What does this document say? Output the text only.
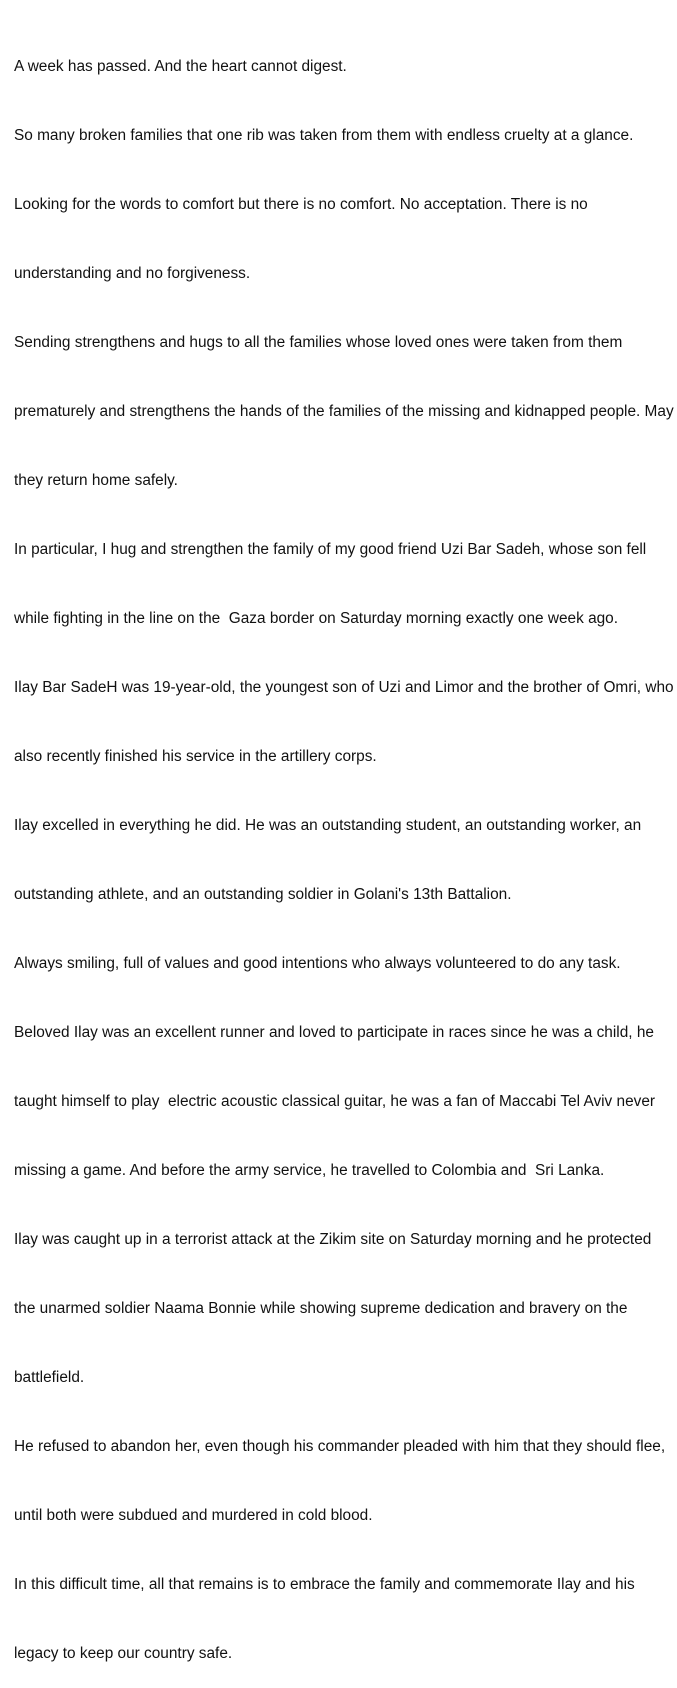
A week has passed. And the heart cannot digest.

So many broken families that one rib was taken from them with endless cruelty at a glance.

Looking for the words to comfort but there is no comfort. No acceptation. There is no

understanding and no forgiveness.

Sending strengthens and hugs to all the families whose loved ones were taken from them

prematurely and strengthens the hands of the families of the missing and kidnapped people. May

they return home safely.

In particular, I hug and strengthen the family of my good friend Uzi Bar Sadeh, whose son fell

while fighting in the line on the  Gaza border on Saturday morning exactly one week ago.

Ilay Bar SadeH was 19-year-old, the youngest son of Uzi and Limor and the brother of Omri, who

also recently finished his service in the artillery corps.

Ilay excelled in everything he did. He was an outstanding student, an outstanding worker, an

outstanding athlete, and an outstanding soldier in Golani's 13th Battalion.

Always smiling, full of values and good intentions who always volunteered to do any task.

Beloved Ilay was an excellent runner and loved to participate in races since he was a child, he

taught himself to play  electric acoustic classical guitar, he was a fan of Maccabi Tel Aviv never

missing a game. And before the army service, he travelled to Colombia and  Sri Lanka.

Ilay was caught up in a terrorist attack at the Zikim site on Saturday morning and he protected

the unarmed soldier Naama Bonnie while showing supreme dedication and bravery on the

battlefield.

He refused to abandon her, even though his commander pleaded with him that they should flee,

until both were subdued and murdered in cold blood.

In this difficult time, all that remains is to embrace the family and commemorate Ilay and his

legacy to keep our country safe.
